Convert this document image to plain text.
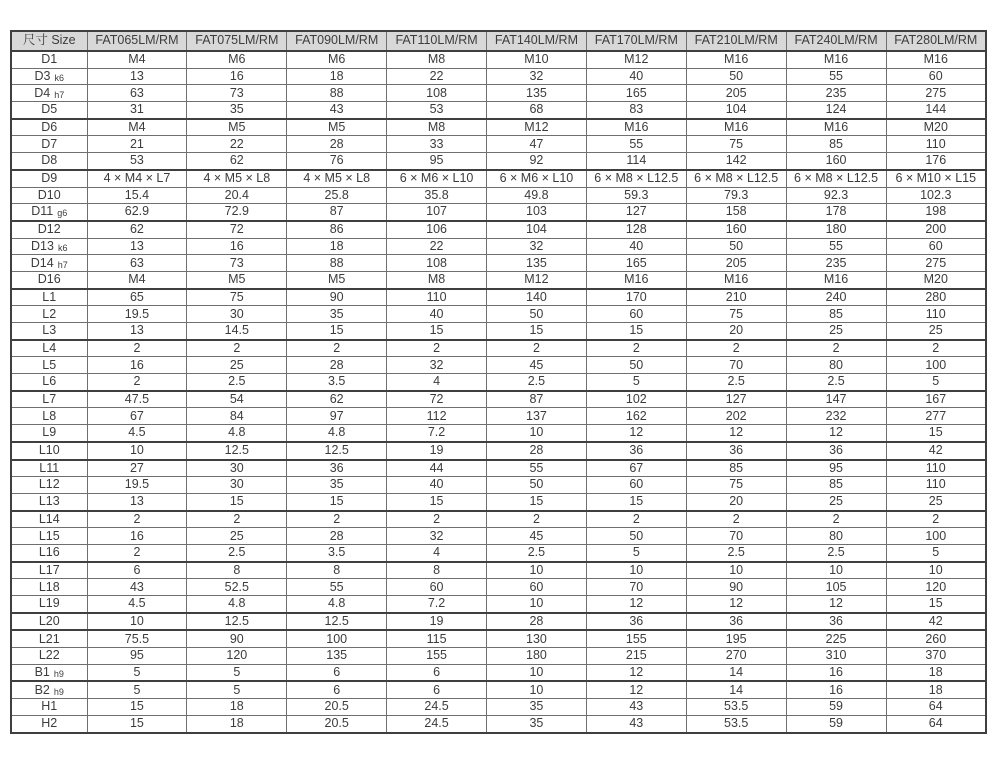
尺寸 Size	FAT065LM/RM	FAT075LM/RM	FAT090LM/RM	FAT110LM/RM	FAT140LM/RM	FAT170LM/RM	FAT210LM/RM	FAT240LM/RM	FAT280LM/RM
D1	M4	M6	M6	M8	M10	M12	M16	M16	M16
D3 k6	13	16	18	22	32	40	50	55	60
D4 h7	63	73	88	108	135	165	205	235	275
D5	31	35	43	53	68	83	104	124	144
D6	M4	M5	M5	M8	M12	M16	M16	M16	M20
D7	21	22	28	33	47	55	75	85	110
D8	53	62	76	95	92	114	142	160	176
D9	4 × M4 × L7	4 × M5 × L8	4 × M5 × L8	6 × M6 × L10	6 × M6 × L10	6 × M8 × L12.5	6 × M8 × L12.5	6 × M8 × L12.5	6 × M10 × L15
D10	15.4	20.4	25.8	35.8	49.8	59.3	79.3	92.3	102.3
D11 g6	62.9	72.9	87	107	103	127	158	178	198
D12	62	72	86	106	104	128	160	180	200
D13 k6	13	16	18	22	32	40	50	55	60
D14 h7	63	73	88	108	135	165	205	235	275
D16	M4	M5	M5	M8	M12	M16	M16	M16	M20
L1	65	75	90	110	140	170	210	240	280
L2	19.5	30	35	40	50	60	75	85	110
L3	13	14.5	15	15	15	15	20	25	25
L4	2	2	2	2	2	2	2	2	2
L5	16	25	28	32	45	50	70	80	100
L6	2	2.5	3.5	4	2.5	5	2.5	2.5	5
L7	47.5	54	62	72	87	102	127	147	167
L8	67	84	97	112	137	162	202	232	277
L9	4.5	4.8	4.8	7.2	10	12	12	12	15
L10	10	12.5	12.5	19	28	36	36	36	42
L11	27	30	36	44	55	67	85	95	110
L12	19.5	30	35	40	50	60	75	85	110
L13	13	15	15	15	15	15	20	25	25
L14	2	2	2	2	2	2	2	2	2
L15	16	25	28	32	45	50	70	80	100
L16	2	2.5	3.5	4	2.5	5	2.5	2.5	5
L17	6	8	8	8	10	10	10	10	10
L18	43	52.5	55	60	60	70	90	105	120
L19	4.5	4.8	4.8	7.2	10	12	12	12	15
L20	10	12.5	12.5	19	28	36	36	36	42
L21	75.5	90	100	115	130	155	195	225	260
L22	95	120	135	155	180	215	270	310	370
B1 h9	5	5	6	6	10	12	14	16	18
B2 h9	5	5	6	6	10	12	14	16	18
H1	15	18	20.5	24.5	35	43	53.5	59	64
H2	15	18	20.5	24.5	35	43	53.5	59	64
